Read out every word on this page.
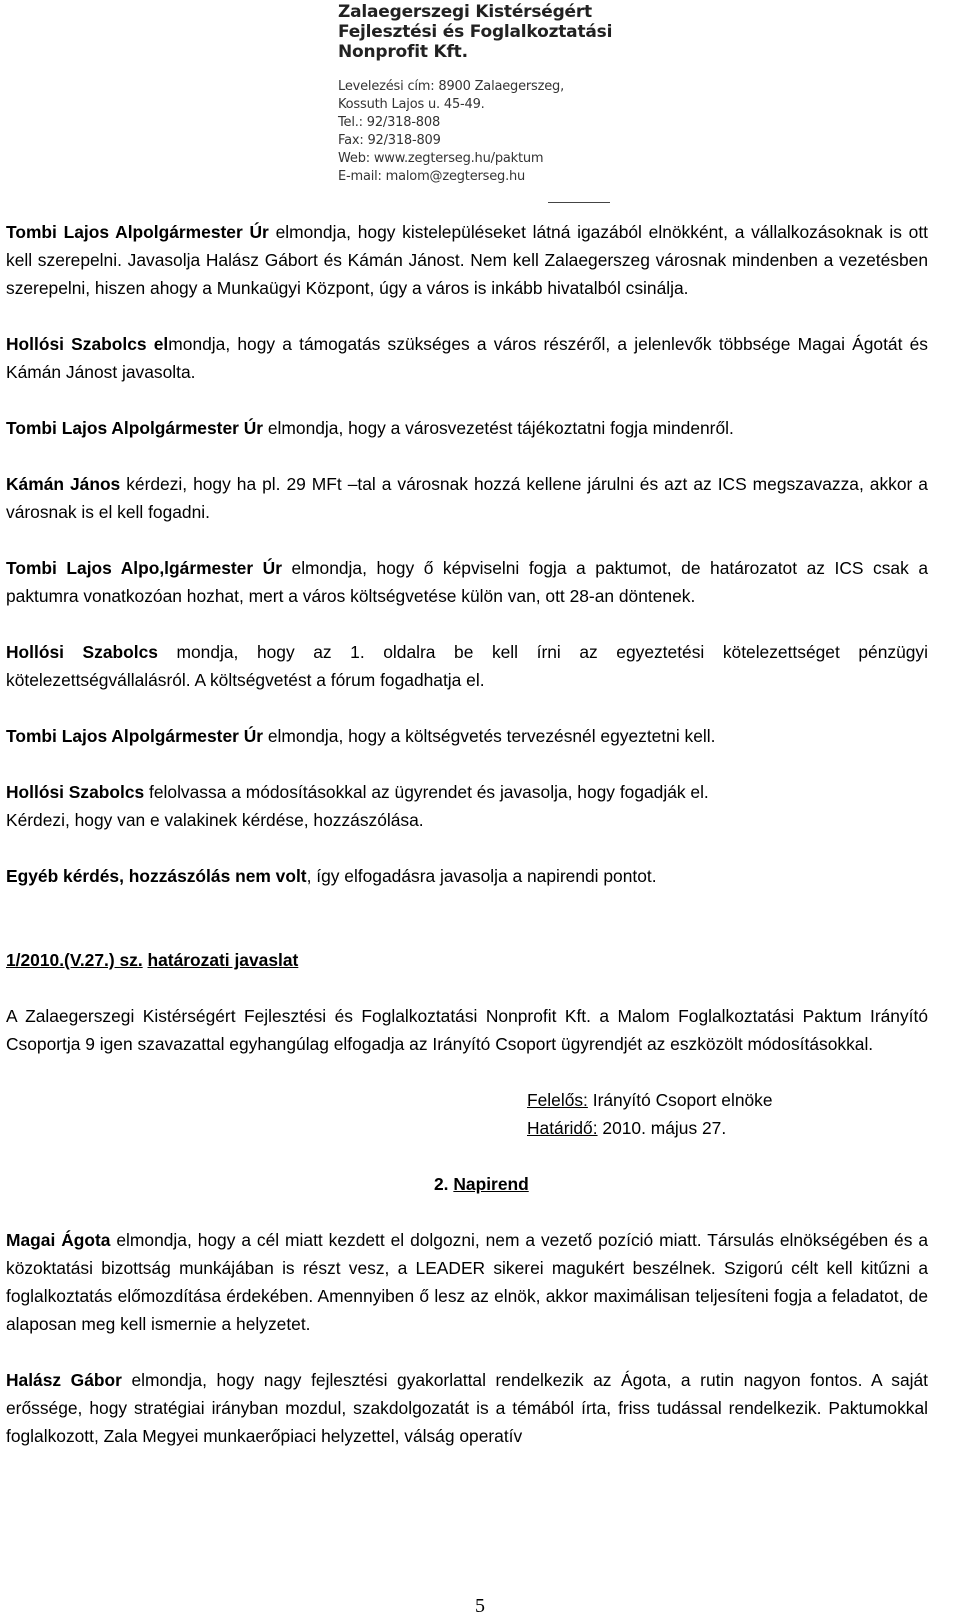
Zalaegerszegi Kistérségért
Fejlesztési és Foglalkoztatási
Nonprofit Kft.
Levelezési cím: 8900 Zalaegerszeg,
Kossuth Lajos u. 45-49.
Tel.: 92/318-808
Fax: 92/318-809
Web: www.zegterseg.hu/paktum
E-mail: malom@zegterseg.hu

Tombi Lajos Alpolgármester Úr elmondja, hogy kistelepüléseket látná igazából elnökként, a vállalkozásoknak is ott kell szerepelni. Javasolja Halász Gábort és Kámán Jánost. Nem kell Zalaegerszeg városnak mindenben a vezetésben szerepelni, hiszen ahogy a Munkaügyi Központ, úgy a város is inkább hivatalból csinálja.

Hollósi Szabolcs elmondja, hogy a támogatás szükséges a város részéről, a jelenlevők többsége Magai Ágotát és Kámán Jánost javasolta.

Tombi Lajos Alpolgármester Úr elmondja, hogy a városvezetést tájékoztatni fogja mindenről.

Kámán János kérdezi, hogy ha pl. 29 MFt –tal a városnak hozzá kellene járulni és azt az ICS megszavazza, akkor a városnak is el kell fogadni.

Tombi Lajos Alpo,lgármester Úr elmondja, hogy ő képviselni fogja a paktumot, de határozatot az ICS csak a paktumra vonatkozóan hozhat, mert a város költségvetése külön van, ott 28-an döntenek.

Hollósi Szabolcs mondja, hogy az 1. oldalra be kell írni az egyeztetési kötelezettséget pénzügyi kötelezettségvállalásról. A költségvetést a fórum fogadhatja el.

Tombi Lajos Alpolgármester Úr elmondja, hogy a költségvetés tervezésnél egyeztetni kell.

Hollósi Szabolcs felolvassa a módosításokkal az ügyrendet és javasolja, hogy fogadják el.

Kérdezi, hogy van e valakinek kérdése, hozzászólása.

Egyéb kérdés, hozzászólás nem volt, így elfogadásra javasolja a napirendi pontot.

1/2010.(V.27.) sz. határozati javaslat

A Zalaegerszegi Kistérségért Fejlesztési és Foglalkoztatási Nonprofit Kft. a Malom Foglalkoztatási Paktum Irányító Csoportja 9 igen szavazattal egyhangúlag elfogadja az Irányító Csoport ügyrendjét az eszközölt módosításokkal.

Felelős: Irányító Csoport elnöke
Határidő: 2010. május 27.

2. Napirend

Magai Ágota elmondja, hogy a cél miatt kezdett el dolgozni, nem a vezető pozíció miatt. Társulás elnökségében és a közoktatási bizottság munkájában is részt vesz, a LEADER sikerei magukért beszélnek. Szigorú célt kell kitűzni a foglalkoztatás előmozdítása érdekében. Amennyiben ő lesz az elnök, akkor maximálisan teljesíteni fogja a feladatot, de alaposan meg kell ismernie a helyzetet.

Halász Gábor elmondja, hogy nagy fejlesztési gyakorlattal rendelkezik az Ágota, a rutin nagyon fontos. A saját erőssége, hogy stratégiai irányban mozdul, szakdolgozatát is a témából írta, friss tudással rendelkezik. Paktumokkal foglalkozott, Zala Megyei munkaerőpiaci helyzettel, válság operatív

5
